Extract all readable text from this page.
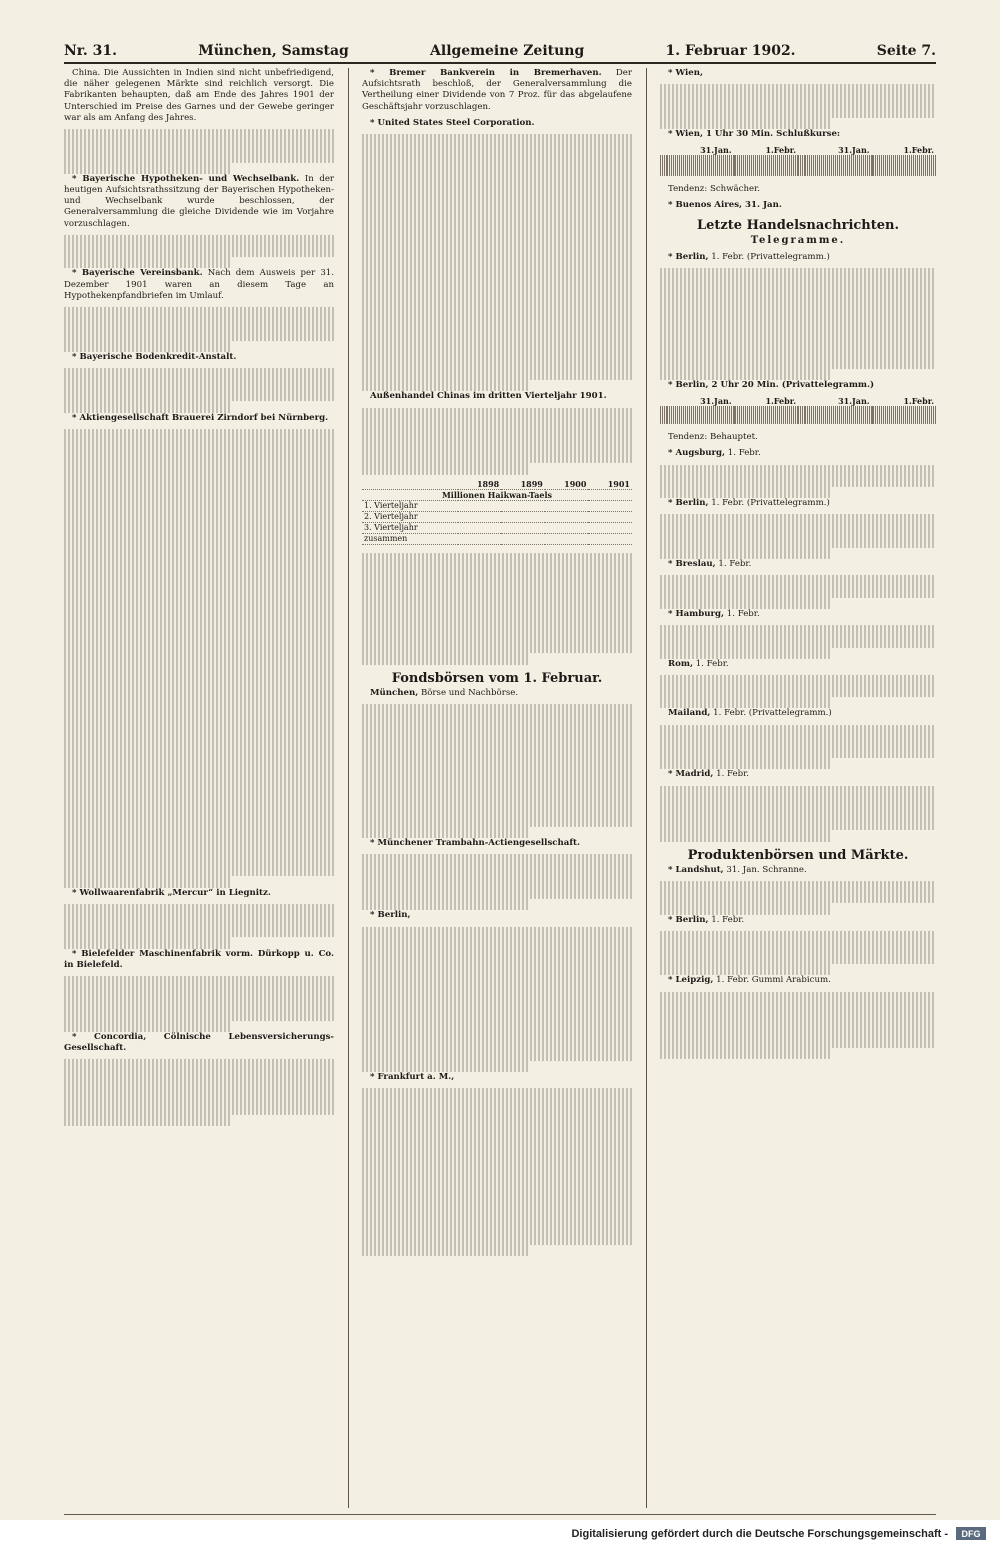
Nr. 31.	München, Samstag	Allgemeine Zeitung	1. Februar 1902.	Seite 7.

China. Die Aussichten in Indien sind nicht unbefriedigend, die näher gelegenen Märkte sind reichlich versorgt. Die Fabrikanten behaupten, daß am Ende des Jahres 1901 der Unterschied im Preise des Garnes und der Gewebe geringer war als am Anfang des Jahres.

* Bayerische Hypotheken- und Wechselbank. In der heutigen Aufsichtsrathssitzung der Bayerischen Hypotheken- und Wechselbank wurde beschlossen, der Generalversammlung die gleiche Dividende wie im Vorjahre vorzuschlagen.

* Bayerische Vereinsbank. Nach dem Ausweis per 31. Dezember 1901 waren an diesem Tage an Hypothekenpfandbriefen im Umlauf.

* Bayerische Bodenkredit-Anstalt.

* Aktiengesellschaft Brauerei Zirndorf bei Nürnberg.

* Wollwaarenfabrik „Mercur“ in Liegnitz.

* Bielefelder Maschinenfabrik vorm. Dürkopp u. Co. in Bielefeld.

* Concordia, Cölnische Lebensversicherungs-Gesellschaft.

* Bremer Bankverein in Bremerhaven. Der Aufsichtsrath beschloß, der Generalversammlung die Vertheilung einer Dividende von 7 Proz. für das abgelaufene Geschäftsjahr vorzuschlagen.

* United States Steel Corporation.

Außenhandel Chinas im dritten Vierteljahr 1901.

	1898	1899	1900	1901
Millionen Haikwan-Taels				
1. Vierteljahr				
2. Vierteljahr				
3. Vierteljahr				
zusammen				
Fondsbörsen vom 1. Februar.

München, Börse und Nachbörse.

* Münchener Trambahn-Actiengesellschaft.

* Berlin,

* Frankfurt a. M.,

* Wien,

* Wien, 1 Uhr 30 Min. Schlußkurse:

	31.Jan.	1.Febr.		31.Jan.	1.Febr.

Tendenz: Schwächer.

* Buenos Aires, 31. Jan.

Letzte Handelsnachrichten.
Telegramme.

* Berlin, 1. Febr. (Privattelegramm.)

* Berlin, 2 Uhr 20 Min. (Privattelegramm.)

	31.Jan.	1.Febr.		31.Jan.	1.Febr.

Tendenz: Behauptet.

* Augsburg, 1. Febr.

* Berlin, 1. Febr. (Privattelegramm.)

* Breslau, 1. Febr.

* Hamburg, 1. Febr.

Rom, 1. Febr.

Mailand, 1. Febr. (Privattelegramm.)

* Madrid, 1. Febr.

Produktenbörsen und Märkte.

* Landshut, 31. Jan. Schranne.

* Berlin, 1. Febr.

* Leipzig, 1. Febr. Gummi Arabicum.

Digitalisierung gefördert durch die Deutsche Forschungsgemeinschaft -	DFG
